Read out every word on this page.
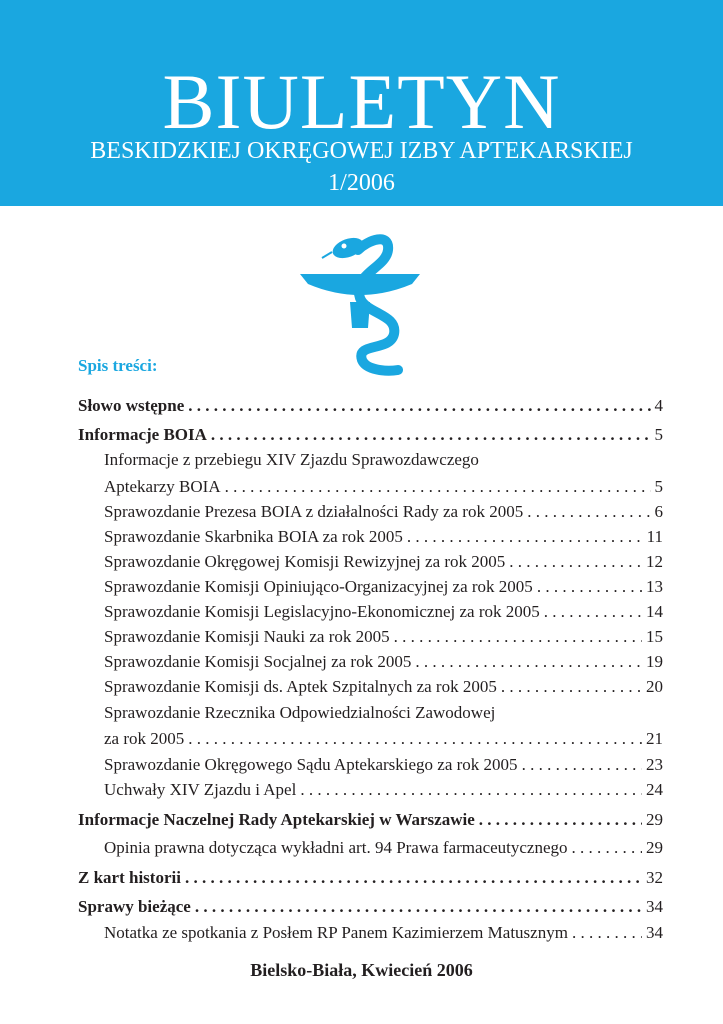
BIULETYN
BESKIDZKIEJ OKRĘGOWEJ IZBY APTEKARSKIEJ
1/2006
Spis treści:
Słowo wstępne . . .	4
Informacje BOIA . . .	5
Informacje z przebiegu XIV Zjazdu Sprawozdawczego
Aptekarzy BOIA . . .	5
Sprawozdanie Prezesa BOIA z działalności Rady za rok 2005 . . .	6
Sprawozdanie Skarbnika BOIA za rok 2005 . . .	11
Sprawozdanie Okręgowej Komisji Rewizyjnej za rok 2005 . . .	12
Sprawozdanie Komisji Opiniująco-Organizacyjnej za rok 2005 . . .	13
Sprawozdanie Komisji Legislacyjno-Ekonomicznej za rok 2005 . . .	14
Sprawozdanie Komisji Nauki za rok 2005 . . .	15
Sprawozdanie Komisji Socjalnej za rok 2005 . . .	19
Sprawozdanie Komisji ds. Aptek Szpitalnych za rok 2005 . . .	20
Sprawozdanie Rzecznika Odpowiedzialności Zawodowej
za rok 2005 . . .	21
Sprawozdanie Okręgowego Sądu Aptekarskiego za rok 2005 . . .	23
Uchwały XIV Zjazdu i Apel . . .	24
Informacje Naczelnej Rady Aptekarskiej w Warszawie . . .	29
Opinia prawna dotycząca wykładni art. 94 Prawa farmaceutycznego . . .	29
Z kart historii . . .	32
Sprawy bieżące . . .	34
Notatka ze spotkania z Posłem RP Panem Kazimierzem Matusznym . . .	34
Bielsko-Biała, Kwiecień 2006
